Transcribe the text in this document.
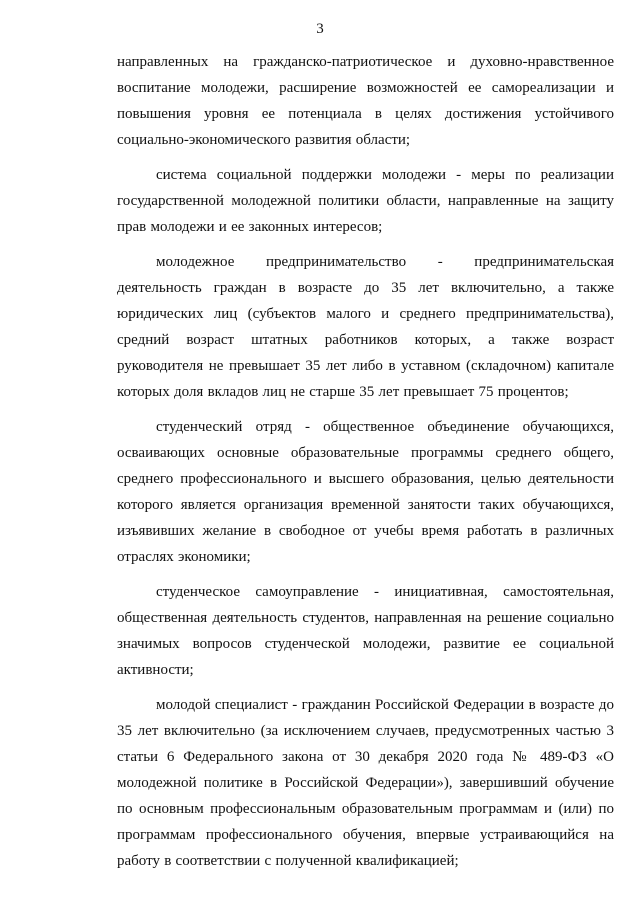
3

направленных на гражданско-патриотическое и духовно-нравственное воспитание молодежи, расширение возможностей ее самореализации и повышения уровня ее потенциала в целях достижения устойчивого социально-экономического развития области;

система социальной поддержки молодежи - меры по реализации государственной молодежной политики области, направленные на защиту прав молодежи и ее законных интересов;

молодежное предпринимательство - предпринимательская деятельность граждан в возрасте до 35 лет включительно, а также юридических лиц (субъектов малого и среднего предпринимательства), средний возраст штатных работников которых, а также возраст руководителя не превышает 35 лет либо в уставном (складочном) капитале которых доля вкладов лиц не старше 35 лет превышает 75 процентов;

студенческий отряд - общественное объединение обучающихся, осваивающих основные образовательные программы среднего общего, среднего профессионального и высшего образования, целью деятельности которого является организация временной занятости таких обучающихся, изъявивших желание в свободное от учебы время работать в различных отраслях экономики;

студенческое самоуправление - инициативная, самостоятельная, общественная деятельность студентов, направленная на решение социально значимых вопросов студенческой молодежи, развитие ее социальной активности;

молодой специалист - гражданин Российской Федерации в возрасте до 35 лет включительно (за исключением случаев, предусмотренных частью 3 статьи 6 Федерального закона от 30 декабря 2020 года № 489-ФЗ «О молодежной политике в Российской Федерации»), завершивший обучение по основным профессиональным образовательным программам и (или) по программам профессионального обучения, впервые устраивающийся на работу в соответствии с полученной квалификацией;
